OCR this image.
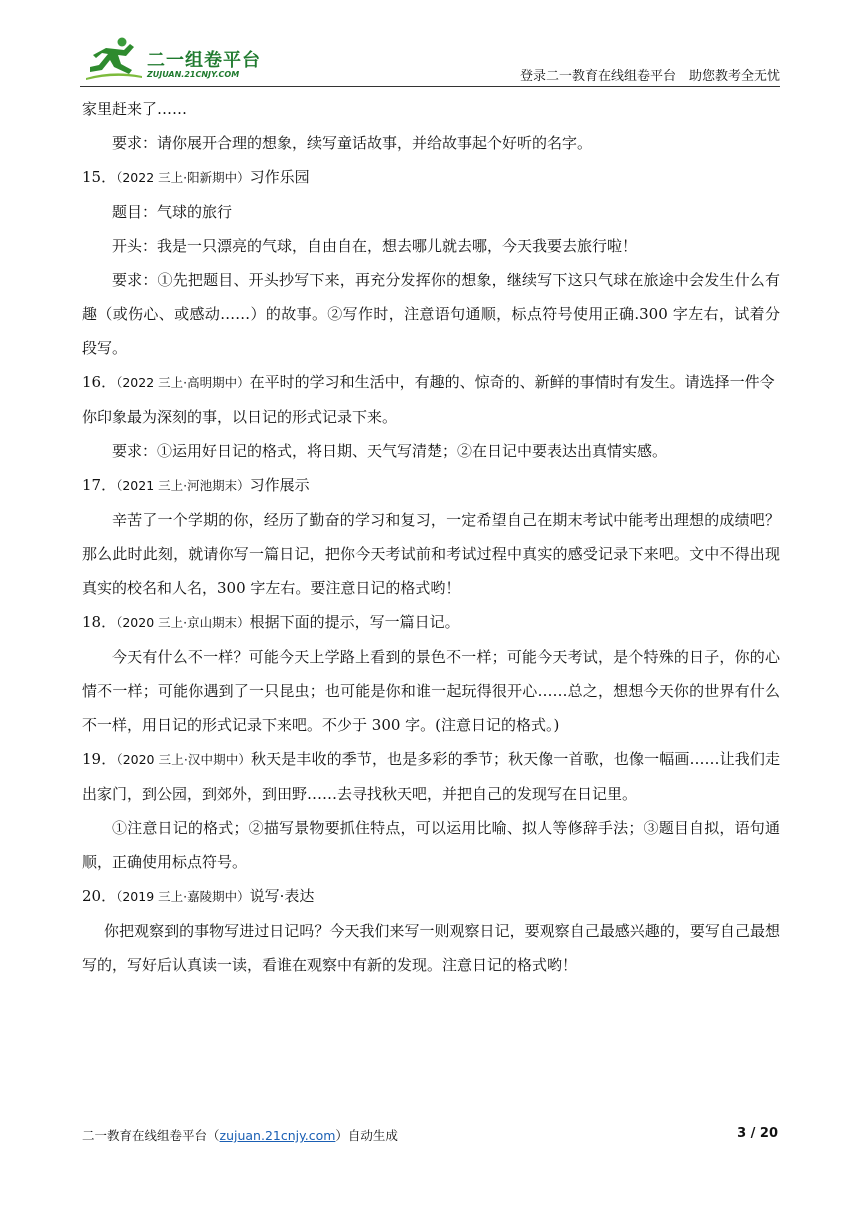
二一组卷平台
ZUJUAN.21CNJY.COM	登录二一教育在线组卷平台　助您教考全无忧

家里赶来了……

要求：请你展开合理的想象，续写童话故事，并给故事起个好听的名字。

15．（2022 三上·阳新期中）习作乐园

题目：气球的旅行

开头：我是一只漂亮的气球，自由自在，想去哪儿就去哪，今天我要去旅行啦！

要求：①先把题目、开头抄写下来，再充分发挥你的想象，继续写下这只气球在旅途中会发生什么有趣（或伤心、或感动……）的故事。②写作时，注意语句通顺，标点符号使用正确.300 字左右，试着分段写。

16．（2022 三上·高明期中）在平时的学习和生活中，有趣的、惊奇的、新鲜的事情时有发生。请选择一件令你印象最为深刻的事，以日记的形式记录下来。

要求：①运用好日记的格式，将日期、天气写清楚；②在日记中要表达出真情实感。

17．（2021 三上·河池期末）习作展示

辛苦了一个学期的你，经历了勤奋的学习和复习，一定希望自己在期末考试中能考出理想的成绩吧？那么此时此刻，就请你写一篇日记，把你今天考试前和考试过程中真实的感受记录下来吧。文中不得出现真实的校名和人名，300 字左右。要注意日记的格式哟！

18．（2020 三上·京山期末）根据下面的提示，写一篇日记。

今天有什么不一样？可能今天上学路上看到的景色不一样；可能今天考试，是个特殊的日子，你的心情不一样；可能你遇到了一只昆虫；也可能是你和谁一起玩得很开心……总之，想想今天你的世界有什么不一样，用日记的形式记录下来吧。不少于 300 字。(注意日记的格式。)

19．（2020 三上·汉中期中）秋天是丰收的季节，也是多彩的季节；秋天像一首歌，也像一幅画……让我们走出家门，到公园，到郊外，到田野……去寻找秋天吧，并把自己的发现写在日记里。

①注意日记的格式；②描写景物要抓住特点，可以运用比喻、拟人等修辞手法；③题目自拟，语句通顺，正确使用标点符号。

20．（2019 三上·嘉陵期中）说写·表达

你把观察到的事物写进过日记吗？今天我们来写一则观察日记，要观察自己最感兴趣的，要写自己最想写的，写好后认真读一读，看谁在观察中有新的发现。注意日记的格式哟！

二一教育在线组卷平台（zujuan.21cnjy.com）自动生成	3 / 20
